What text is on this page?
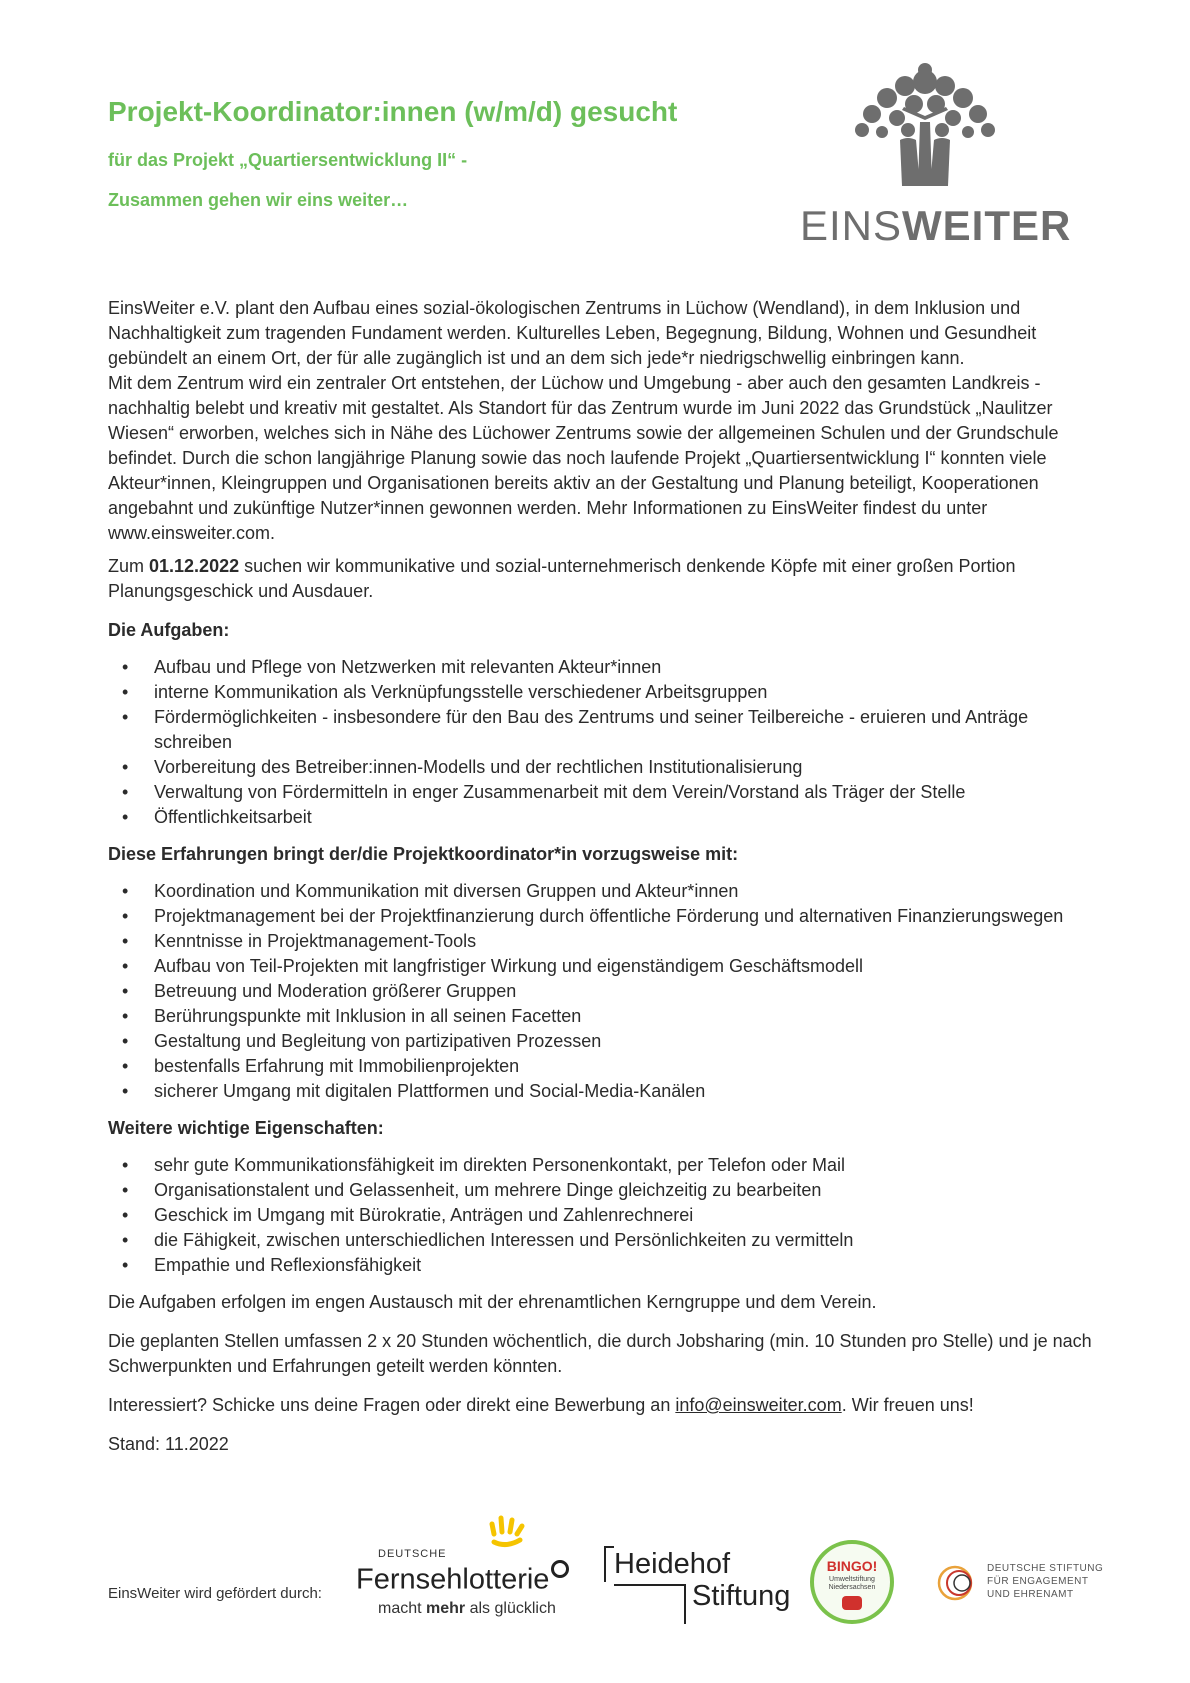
Projekt-Koordinator:innen (w/m/d) gesucht

für das Projekt „Quartiersentwicklung II“ -

Zusammen gehen wir eins weiter…

EINSWEITER

EinsWeiter e.V. plant den Aufbau eines sozial-ökologischen Zentrums in Lüchow (Wendland), in dem Inklusion und Nachhaltigkeit zum tragenden Fundament werden. Kulturelles Leben, Begegnung, Bildung, Wohnen und Gesundheit gebündelt an einem Ort, der für alle zugänglich ist und an dem sich jede*r niedrigschwellig einbringen kann.
Mit dem Zentrum wird ein zentraler Ort entstehen, der Lüchow und Umgebung - aber auch den gesamten Landkreis - nachhaltig belebt und kreativ mit gestaltet. Als Standort für das Zentrum wurde im Juni 2022 das Grundstück „Naulitzer Wiesen“ erworben, welches sich in Nähe des Lüchower Zentrums sowie der allgemeinen Schulen und der Grundschule befindet. Durch die schon langjährige Planung sowie das noch laufende Projekt „Quartiersentwicklung I“ konnten viele Akteur*innen, Kleingruppen und Organisationen bereits aktiv an der Gestaltung und Planung beteiligt, Kooperationen angebahnt und zukünftige Nutzer*innen gewonnen werden. Mehr Informationen zu EinsWeiter findest du unter www.einsweiter.com.

Zum 01.12.2022 suchen wir kommunikative und sozial-unternehmerisch denkende Köpfe mit einer großen Portion Planungsgeschick und Ausdauer.

Die Aufgaben:
• Aufbau und Pflege von Netzwerken mit relevanten Akteur*innen
• interne Kommunikation als Verknüpfungsstelle verschiedener Arbeitsgruppen
• Fördermöglichkeiten - insbesondere für den Bau des Zentrums und seiner Teilbereiche - eruieren und Anträge schreiben
• Vorbereitung des Betreiber:innen-Modells und der rechtlichen Institutionalisierung
• Verwaltung von Fördermitteln in enger Zusammenarbeit mit dem Verein/Vorstand als Träger der Stelle
• Öffentlichkeitsarbeit
Diese Erfahrungen bringt der/die Projektkoordinator*in vorzugsweise mit:
• Koordination und Kommunikation mit diversen Gruppen und Akteur*innen
• Projektmanagement bei der Projektfinanzierung durch öffentliche Förderung und alternativen Finanzierungswegen
• Kenntnisse in Projektmanagement-Tools
• Aufbau von Teil-Projekten mit langfristiger Wirkung und eigenständigem Geschäftsmodell
• Betreuung und Moderation größerer Gruppen
• Berührungspunkte mit Inklusion in all seinen Facetten
• Gestaltung und Begleitung von partizipativen Prozessen
• bestenfalls Erfahrung mit Immobilienprojekten
• sicherer Umgang mit digitalen Plattformen und Social-Media-Kanälen
Weitere wichtige Eigenschaften:
• sehr gute Kommunikationsfähigkeit im direkten Personenkontakt, per Telefon oder Mail
• Organisationstalent und Gelassenheit, um mehrere Dinge gleichzeitig zu bearbeiten
• Geschick im Umgang mit Bürokratie, Anträgen und Zahlenrechnerei
• die Fähigkeit, zwischen unterschiedlichen Interessen und Persönlichkeiten zu vermitteln
• Empathie und Reflexionsfähigkeit

Die Aufgaben erfolgen im engen Austausch mit der ehrenamtlichen Kerngruppe und dem Verein.

Die geplanten Stellen umfassen 2 x 20 Stunden wöchentlich, die durch Jobsharing (min. 10 Stunden pro Stelle) und je nach Schwerpunkten und Erfahrungen geteilt werden könnten.

Interessiert? Schicke uns deine Fragen oder direkt eine Bewerbung an info@einsweiter.com. Wir freuen uns!

Stand: 11.2022

EinsWeiter wird gefördert durch:
DEUTSCHE
Fernsehlotterie
macht mehr als glücklich
Heidehof
Stiftung
BINGO!
Umweltstiftung
Niedersachsen
DEUTSCHE STIFTUNG
FÜR ENGAGEMENT
UND EHRENAMT
